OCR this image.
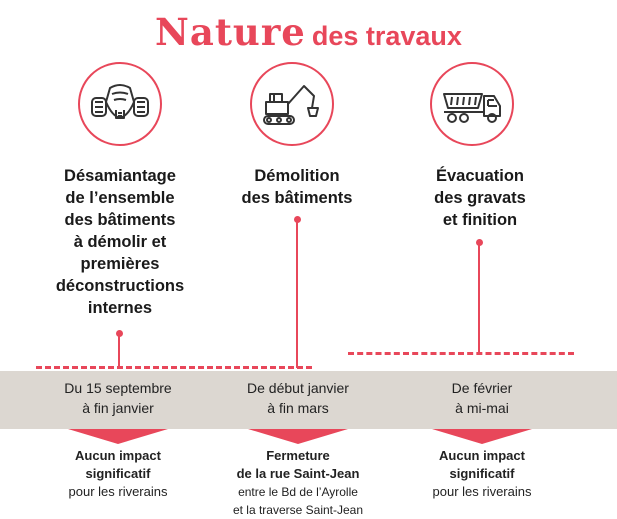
Nature des travaux
Désamiantage
de l’ensemble
des bâtiments
à démolir et
premières
déconstructions
internes
Démolition
des bâtiments
Évacuation
des gravats
et finition
Du 15 septembre
à fin janvier
De début janvier
à fin mars
De février
à mi-mai
Aucun impact
significatif
pour les riverains
Fermeture
de la rue Saint-Jean
entre le Bd de l’Ayrolle
et la traverse Saint-Jean
Aucun impact
significatif
pour les riverains
